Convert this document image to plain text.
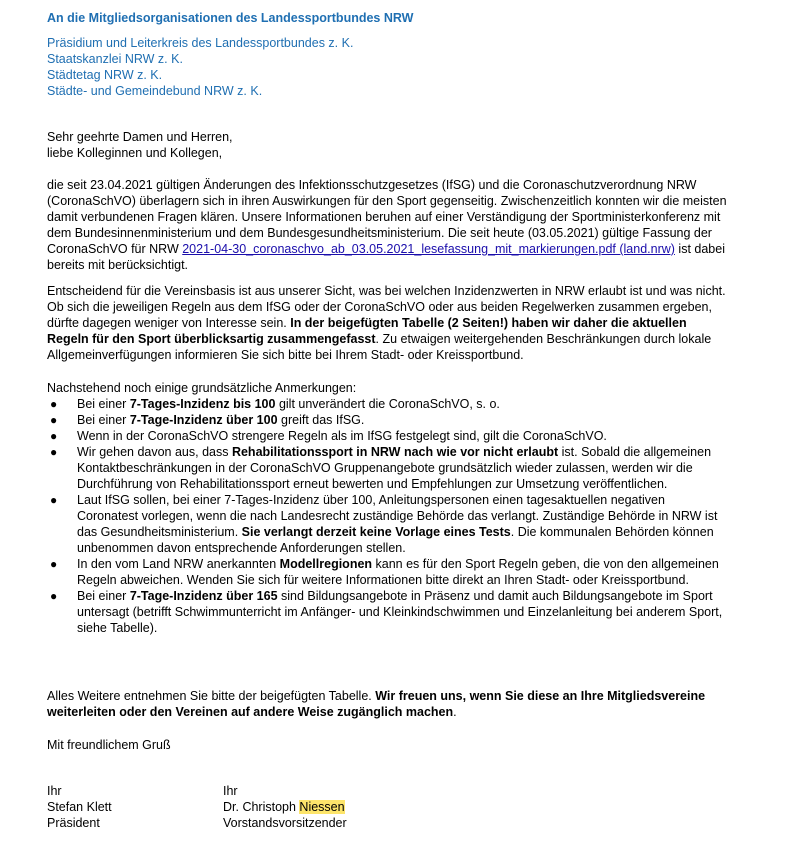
An die Mitgliedsorganisationen des Landessportbundes NRW
Präsidium und Leiterkreis des Landessportbundes z. K.
Staatskanzlei NRW z. K.
Städtetag NRW z. K.
Städte- und Gemeindebund NRW z. K.
Sehr geehrte Damen und Herren,
liebe Kolleginnen und Kollegen,

die seit 23.04.2021 gültigen Änderungen des Infektionsschutzgesetzes (IfSG) und die Coronaschutzverordnung NRW (CoronaSchVO) überlagern sich in ihren Auswirkungen für den Sport gegenseitig. Zwischenzeitlich konnten wir die meisten damit verbundenen Fragen klären. Unsere Informationen beruhen auf einer Verständigung der Sportministerkonferenz mit dem Bundesinnenministerium und dem Bundesgesundheitsministerium. Die seit heute (03.05.2021) gültige Fassung der CoronaSchVO für NRW 2021-04-30_coronaschvo_ab_03.05.2021_lesefassung_mit_markierungen.pdf (land.nrw) ist dabei bereits mit berücksichtigt.

Entscheidend für die Vereinsbasis ist aus unserer Sicht, was bei welchen Inzidenzwerten in NRW erlaubt ist und was nicht. Ob sich die jeweiligen Regeln aus dem IfSG oder der CoronaSchVO oder aus beiden Regelwerken zusammen ergeben, dürfte dagegen weniger von Interesse sein. In der beigefügten Tabelle (2 Seiten!) haben wir daher die aktuellen Regeln für den Sport überblicksartig zusammengefasst. Zu etwaigen weitergehenden Beschränkungen durch lokale Allgemeinverfügungen informieren Sie sich bitte bei Ihrem Stadt- oder Kreissportbund.

Nachstehend noch einige grundsätzliche Anmerkungen:
● Bei einer 7-Tages-Inzidenz bis 100 gilt unverändert die CoronaSchVO, s. o.
● Bei einer 7-Tage-Inzidenz über 100 greift das IfSG.
● Wenn in der CoronaSchVO strengere Regeln als im IfSG festgelegt sind, gilt die CoronaSchVO.
● Wir gehen davon aus, dass Rehabilitationssport in NRW nach wie vor nicht erlaubt ist. Sobald die allgemeinen Kontaktbeschränkungen in der CoronaSchVO Gruppenangebote grundsätzlich wieder zulassen, werden wir die Durchführung von Rehabilitationssport erneut bewerten und Empfehlungen zur Umsetzung veröffentlichen.
● Laut IfSG sollen, bei einer 7-Tages-Inzidenz über 100, Anleitungspersonen einen tagesaktuellen negativen Coronatest vorlegen, wenn die nach Landesrecht zuständige Behörde das verlangt. Zuständige Behörde in NRW ist das Gesundheitsministerium. Sie verlangt derzeit keine Vorlage eines Tests. Die kommunalen Behörden können unbenommen davon entsprechende Anforderungen stellen.
● In den vom Land NRW anerkannten Modellregionen kann es für den Sport Regeln geben, die von den allgemeinen Regeln abweichen. Wenden Sie sich für weitere Informationen bitte direkt an Ihren Stadt- oder Kreissportbund.
● Bei einer 7-Tage-Inzidenz über 165 sind Bildungsangebote in Präsenz und damit auch Bildungsangebote im Sport untersagt (betrifft Schwimmunterricht im Anfänger- und Kleinkindschwimmen und Einzelanleitung bei anderem Sport, siehe Tabelle).

Alles Weitere entnehmen Sie bitte der beigefügten Tabelle. Wir freuen uns, wenn Sie diese an Ihre Mitgliedsvereine weiterleiten oder den Vereinen auf andere Weise zugänglich machen.

Mit freundlichem Gruß
Ihr
Stefan Klett
Präsident
Ihr
Dr. Christoph Niessen
Vorstandsvorsitzender
